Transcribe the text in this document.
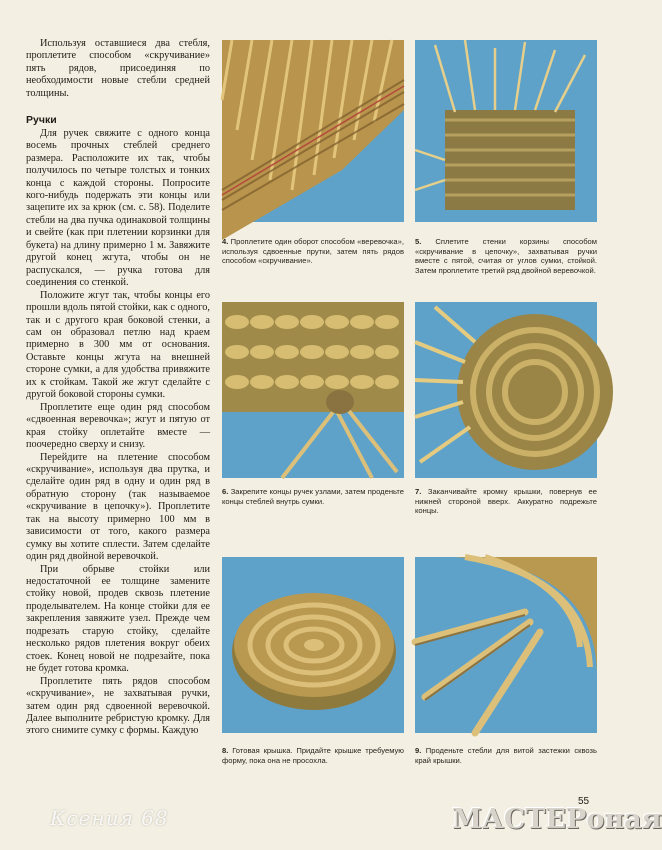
Используя оставшиеся два стебля, проплетите способом «скручивание» пять рядов, присоединяя по необходимости новые стебли средней толщины.

Ручки

Для ручек свяжите с одного конца восемь прочных стеблей среднего размера. Расположите их так, чтобы получилось по четыре толстых и тонких конца с каждой стороны. Попросите кого-нибудь подержать эти концы или зацепите их за крюк (см. с. 58). Поделите стебли на два пучка одинаковой толщины и свейте (как при плетении корзинки для букета) на длину примерно 1 м. Завяжите другой конец жгута, чтобы он не распускался, — ручка готова для соединения со стенкой.

Положите жгут так, чтобы концы его прошли вдоль пятой стойки, как с одного, так и с другого края боковой стенки, а сам он образовал петлю над краем примерно в 300 мм от основания. Оставьте концы жгута на внешней стороне сумки, а для удобства привяжите их к стойкам. Такой же жгут сделайте с другой боковой стороны сумки.

Проплетите еще один ряд способом «сдвоенная веревочка»; жгут и пятую от края стойку оплетайте вместе — поочередно сверху и снизу.

Перейдите на плетение способом «скручивание», используя два прутка, и сделайте один ряд в одну и один ряд в обратную сторону (так называемое «скручивание в цепочку»). Проплетите так на высоту примерно 100 мм в зависимости от того, какого размера сумку вы хотите сплести. Затем сделайте один ряд двойной веревочкой.

При обрыве стойки или недостаточной ее толщине замените стойку новой, продев сквозь плетение проделывателем. На конце стойки для ее закрепления завяжите узел. Прежде чем подрезать старую стойку, сделайте несколько рядов плетения вокруг обеих стоек. Конец новой не подрезайте, пока не будет готова кромка.

Проплетите пять рядов способом «скручивание», не захватывая ручки, затем один ряд сдвоенной веревочкой. Далее выполните ребристую кромку. Для этого снимите сумку с формы. Каждую

4. Проплетите один оборот способом «веревочка», используя сдвоенные прутки, затем пять рядов способом «скручивание».
5. Сплетите стенки корзины способом «скручивание в цепочку», захватывая ручки вместе с пятой, считая от углов сумки, стойкой. Затем проплетите третий ряд двойной веревочкой.
6. Закрепите концы ручек узлами, затем проденьте концы стеблей внутрь сумки.
7. Заканчивайте кромку крышки, повернув ее нижней стороной вверх. Аккуратно подрежьте концы.
8. Готовая крышка. Придайте крышке требуемую форму, пока она не просохла.
9. Проденьте стебли для витой застежки сквозь край крышки.
55
Ксения 68	МАСТЕРоная
